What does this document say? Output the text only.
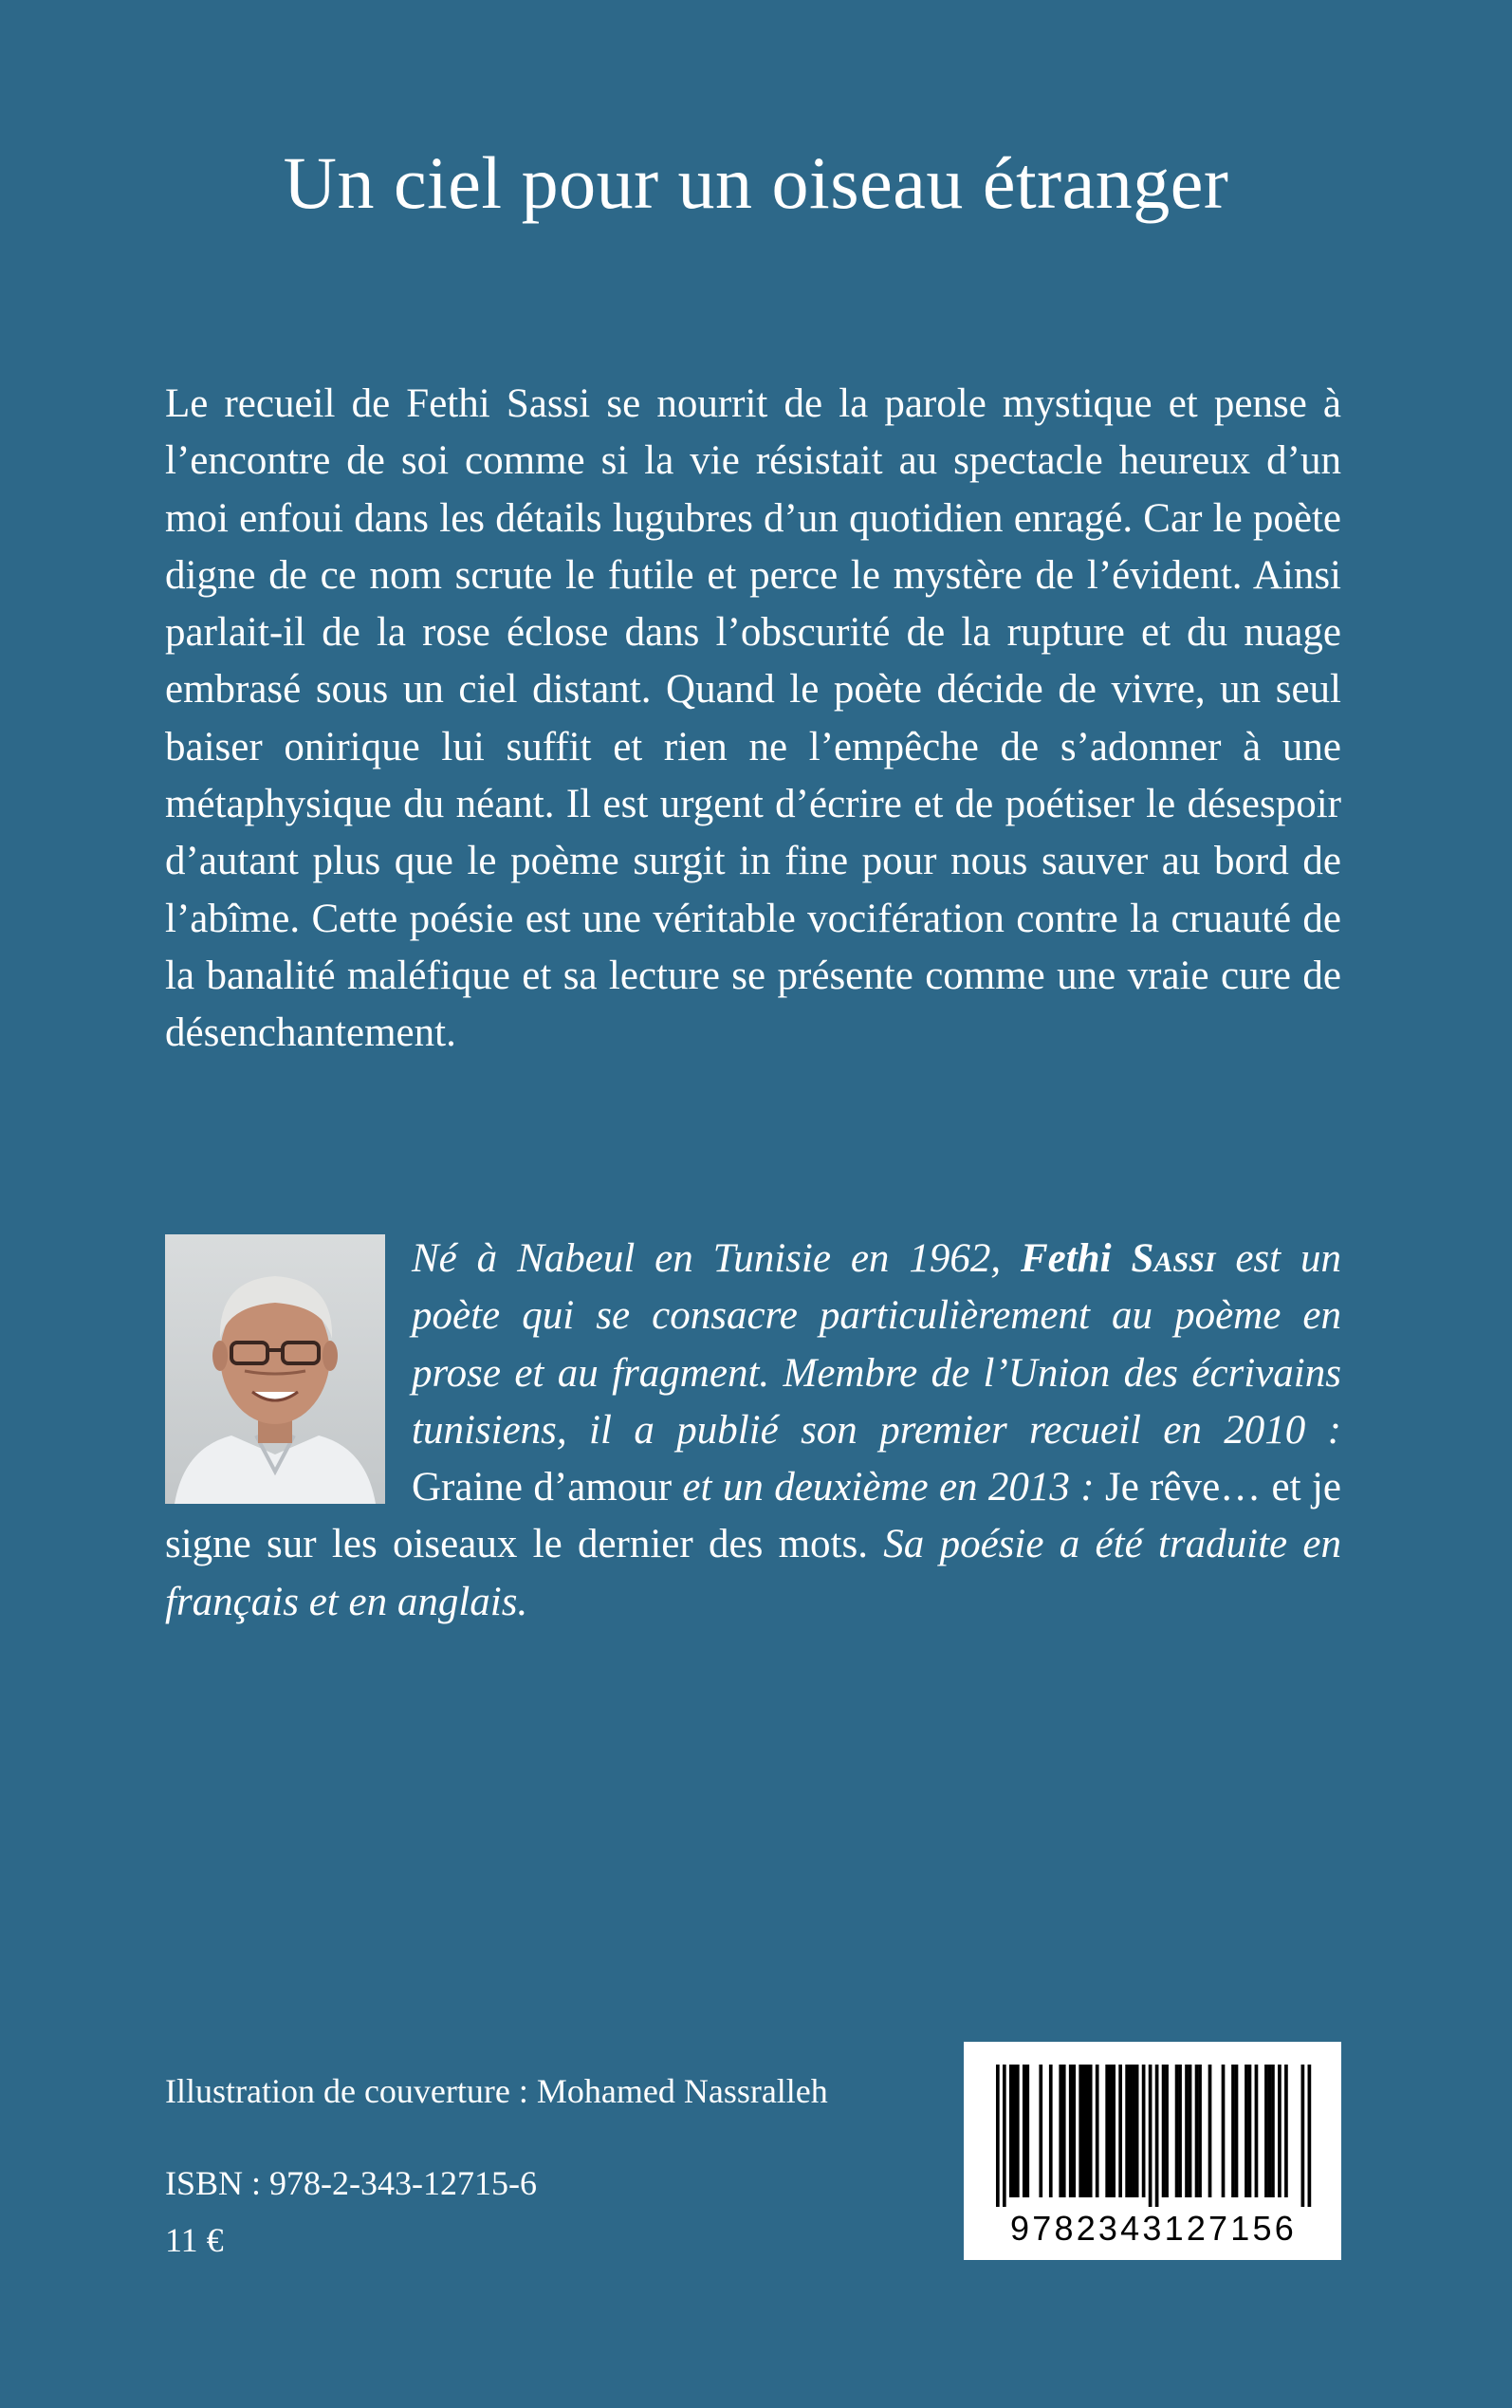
Un ciel pour un oiseau étranger
Le recueil de Fethi Sassi se nourrit de la parole mystique et pense à l’encontre de soi comme si la vie résistait au spectacle heureux d’un moi enfoui dans les détails lugubres d’un quotidien enragé. Car le poète digne de ce nom scrute le futile et perce le mystère de l’évident. Ainsi parlait-il de la rose éclose dans l’obscurité de la rupture et du nuage embrasé sous un ciel distant. Quand le poète décide de vivre, un seul baiser onirique lui suffit et rien ne l’empêche de s’adonner à une métaphysique du néant. Il est urgent d’écrire et de poétiser le désespoir d’autant plus que le poème surgit in fine pour nous sauver au bord de l’abîme. Cette poésie est une véritable vocifération contre la cruauté de la banalité maléfique et sa lecture se présente comme une vraie cure de désenchantement.
Né à Nabeul en Tunisie en 1962, Fethi Sassi est un poète qui se consacre particulièrement au poème en prose et au fragment. Membre de l’Union des écrivains tunisiens, il a publié son premier recueil en 2010 : Graine d’amour et un deuxième en 2013 : Je rêve… et je signe sur les oiseaux le dernier des mots. Sa poésie a été traduite en français et en anglais.
Illustration de couverture : Mohamed Nassralleh
ISBN : 978-2-343-12715-6
11 €	9782343127156
